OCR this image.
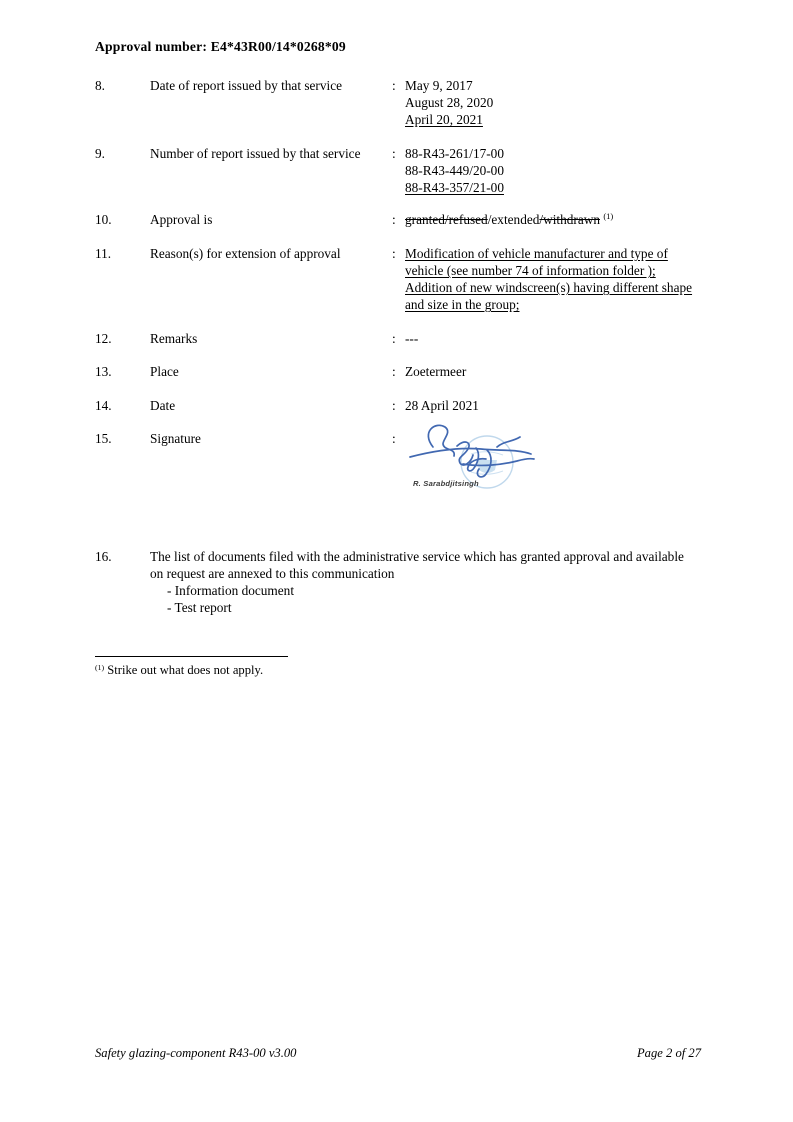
Approval number: E4*43R00/14*0268*09
8.	Date of report issued by that service	: May 9, 2017
August 28, 2020
April 20, 2021
9.	Number of report issued by that service	: 88-R43-261/17-00
88-R43-449/20-00
88-R43-357/21-00
10.	Approval is	: granted/refused/extended/withdrawn $^{(1)}$
11.	Reason(s) for extension of approval	: Modification of vehicle manufacturer and type of vehicle (see number 74 of information folder ); Addition of new windscreen(s) having different shape and size in the group;
12.	Remarks	: ---
13.	Place	: Zoetermeer
14.	Date	: 28 April 2021
15.	Signature	:
R. Sarabdjitsingh
16.	The list of documents filed with the administrative service which has granted approval and available on request are annexed to this communication
- Information document
- Test report
$^{(1)}$ Strike out what does not apply.
Safety glazing-component R43-00 v3.00	Page 2 of 27
